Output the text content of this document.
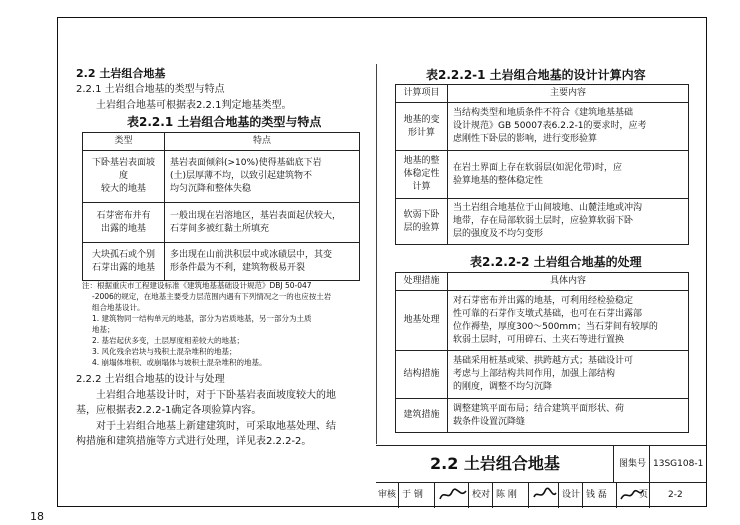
2.2 土岩组合地基
2.2.1 土岩组合地基的类型与特点
土岩组合地基可根据表2.2.1判定地基类型。
表2.2.1 土岩组合地基的类型与特点
类型	特点
下卧基岩表面坡度
较大的地基	基岩表面倾斜(>10%)使得基础底下岩
(土)层厚薄不均，以致引起建筑物不
均匀沉降和整体失稳
石芽密布并有
出露的地基	一般出现在岩溶地区，基岩表面起伏较大，
石芽间多被红黏土所填充
大块孤石或个别
石芽出露的地基	多出现在山前洪积层中或冰碛层中，其变
形条件最为不利，建筑物极易开裂
注：根据重庆市工程建设标准《建筑地基基础设计规范》DBJ 50-047
-2006的规定，在地基主要受力层范围内遇有下列情况之一的也应按土岩
组合地基设计。
1. 建筑物同一结构单元的地基，部分为岩质地基，另一部分为土质
地基；
2. 基岩起伏多变，土层厚度相差较大的地基；
3. 风化残余岩块与残积土混杂堆积的地基；
4. 崩塌体堆积、或崩塌体与坡积土混杂堆积的地基。
2.2.2 土岩组合地基的设计与处理
土岩组合地基设计时，对于下卧基岩表面坡度较大的地
基，应根据表2.2.2-1确定各项验算内容。
对于土岩组合地基上新建建筑时，可采取地基处理、结
构措施和建筑措施等方式进行处理，详见表2.2.2-2。
表2.2.2-1 土岩组合地基的设计计算内容
计算项目	主要内容
地基的变
形计算	当结构类型和地质条件不符合《建筑地基基础
设计规范》GB 50007表6.2.2-1的要求时，应考
虑刚性下卧层的影响，进行变形验算
地基的整
体稳定性
计算	在岩土界面上存在软弱层(如泥化带)时，应
验算地基的整体稳定性
软弱下卧
层的验算	当土岩组合地基位于山间坡地、山麓洼地或冲沟
地带，存在局部软弱土层时，应验算软弱下卧
层的强度及不均匀变形
表2.2.2-2 土岩组合地基的处理
处理措施	具体内容
地基处理	对石芽密布并出露的地基，可利用经检验稳定
性可靠的石芽作支墩式基础，也可在石芽出露部
位作褥垫，厚度300～500mm；当石芽间有较厚的
软弱土层时，可用碎石、土夹石等进行置换
结构措施	基础采用桩基或梁、拱跨越方式；基础设计可
考虑与上部结构共同作用，加强上部结构
的刚度，调整不均匀沉降
建筑措施	调整建筑平面布局；结合建筑平面形状、荷
载条件设置沉降缝
2.2 土岩组合地基	图集号 13SG108-1
审核 于 钢	校对 陈 刚	设计 钱 磊	页 2-2
18
